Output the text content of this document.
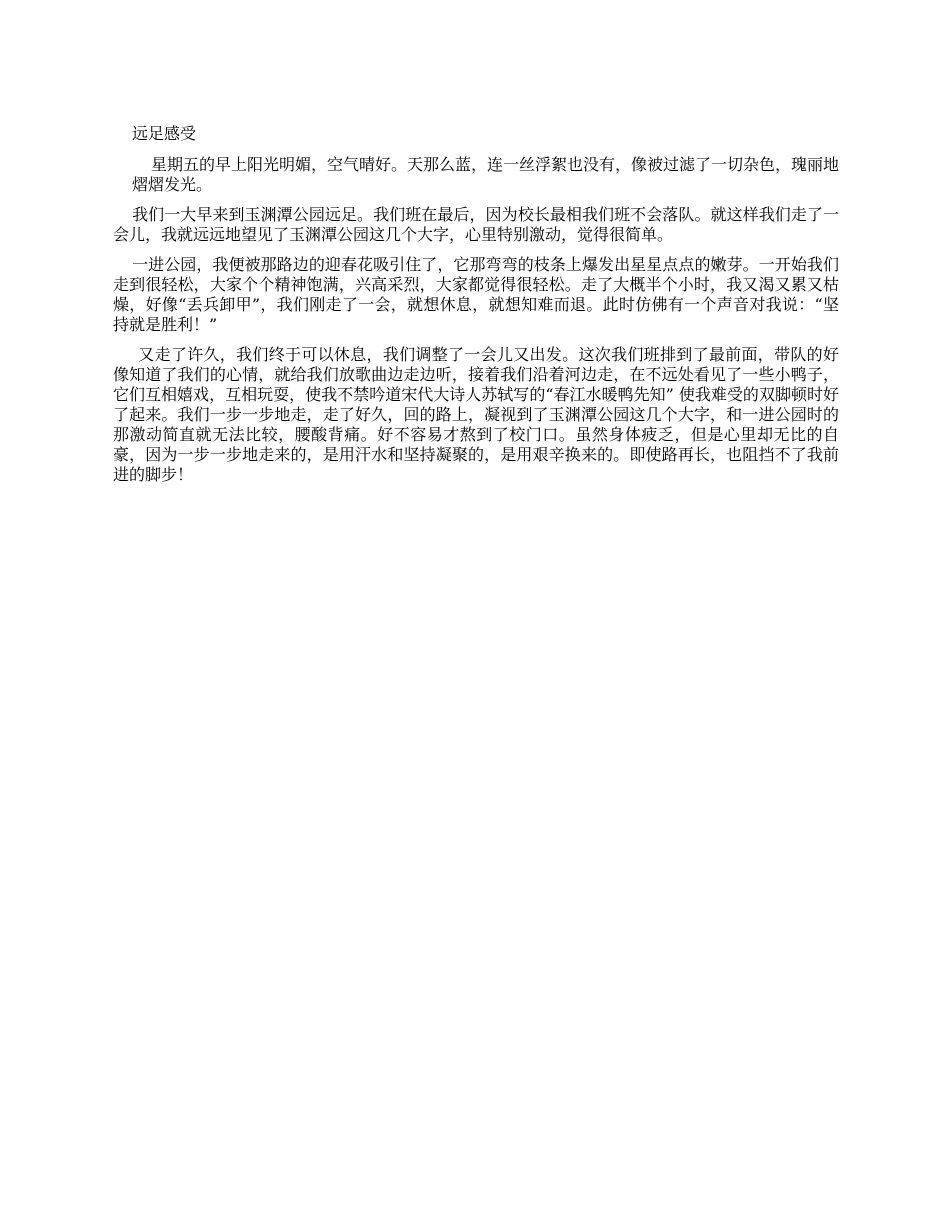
远足感受

星期五的早上阳光明媚，空气晴好。天那么蓝，连一丝浮絮也没有，像被过滤了一切杂色，瑰丽地熠熠发光。

我们一大早来到玉渊潭公园远足。我们班在最后，因为校长最相我们班不会落队。就这样我们走了一会儿，我就远远地望见了玉渊潭公园这几个大字，心里特别激动，觉得很简单。

一进公园，我便被那路边的迎春花吸引住了，它那弯弯的枝条上爆发出星星点点的嫩芽。一开始我们走到很轻松，大家个个精神饱满，兴高采烈，大家都觉得很轻松。走了大概半个小时，我又渴又累又枯燥，好像“丢兵卸甲”，我们刚走了一会，就想休息，就想知难而退。此时仿佛有一个声音对我说：“坚持就是胜利！”

又走了许久，我们终于可以休息，我们调整了一会儿又出发。这次我们班排到了最前面，带队的好像知道了我们的心情，就给我们放歌曲边走边听，接着我们沿着河边走，在不远处看见了一些小鸭子，它们互相嬉戏，互相玩耍，使我不禁吟道宋代大诗人苏轼写的“春江水暖鸭先知” 使我难受的双脚顿时好了起来。我们一步一步地走，走了好久，回的路上，凝视到了玉渊潭公园这几个大字，和一进公园时的那激动简直就无法比较，腰酸背痛。好不容易才熬到了校门口。虽然身体疲乏，但是心里却无比的自豪，因为一步一步地走来的，是用汗水和坚持凝聚的，是用艰辛换来的。即使路再长，也阻挡不了我前进的脚步！
